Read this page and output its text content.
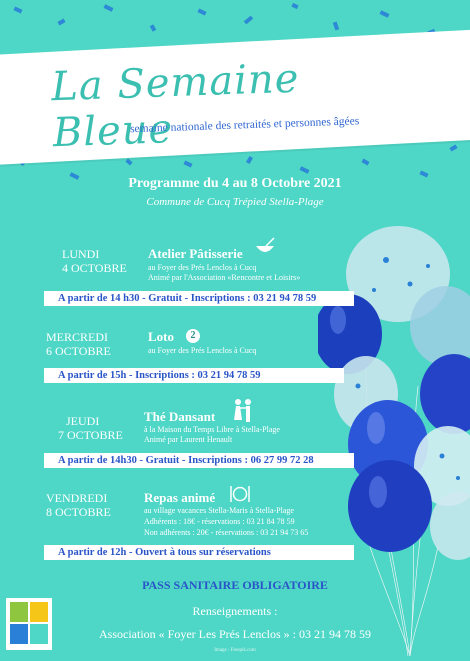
La Semaine Bleue
semaine nationale des retraités et personnes âgées
Programme du 4 au 8 Octobre 2021
Commune de Cucq Trépied Stella-Plage
LUNDI
4 OCTOBRE
Atelier Pâtisserie
au Foyer des Prés Lenclos à Cucq
Animé par l'Association «Rencontre et Loisirs»
A partir de 14 h30 - Gratuit - Inscriptions : 03 21 94 78 59
MERCREDI
6 OCTOBRE
Loto	2
au Foyer des Prés Lenclos à Cucq
A partir de 15h - Inscriptions : 03 21 94 78 59
JEUDI
7 OCTOBRE
Thé Dansant
à la Maison du Temps Libre à Stella-Plage
Animé par Laurent Henault
A partir de 14h30 - Gratuit - Inscriptions : 06 27 99 72 28
VENDREDI
8 OCTOBRE
Repas animé
au village vacances Stella-Maris à Stella-Plage
Adhérents : 18€ - réservations : 03 21 84 78 59
Non adhérents : 20€ - réservations : 03 21 94 73 65
A partir de 12h - Ouvert à tous sur réservations
PASS SANITAIRE OBLIGATOIRE
Renseignements :
Association « Foyer Les Prés Lenclos » : 03 21 94 78 59
Image : Freepik.com
